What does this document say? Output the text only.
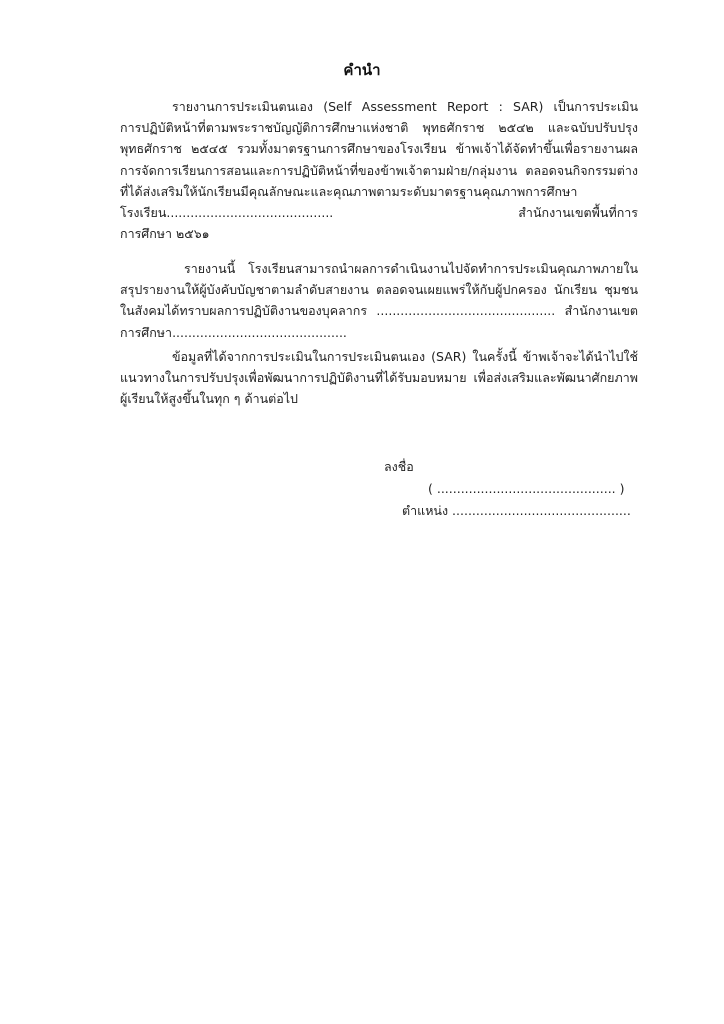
คำนำ
รายงานการประเมินตนเอง (Self Assessment Report : SAR) เป็นการประเมิน
การปฏิบัติหน้าที่ตามพระราชบัญญัติการศึกษาแห่งชาติ พุทธศักราช ๒๕๔๒ และฉบับปรับปรุง
พุทธศักราช ๒๕๔๕ รวมทั้งมาตรฐานการศึกษาของโรงเรียน ข้าพเจ้าได้จัดทำขึ้นเพื่อรายงานผล
การจัดการเรียนการสอนและการปฏิบัติหน้าที่ของข้าพเจ้าตามฝ่าย/กลุ่มงาน ตลอดจนกิจกรรมต่าง
ที่ได้ส่งเสริมให้นักเรียนมีคุณลักษณะและคุณภาพตามระดับมาตรฐานคุณภาพการศึกษา
โรงเรียน.......................................... สำนักงานเขตพื้นที่การ
การศึกษา ๒๕๖๑
รายงานนี้ โรงเรียนสามารถนำผลการดำเนินงานไปจัดทำการประเมินคุณภาพภายใน
สรุปรายงานให้ผู้บังคับบัญชาตามลำดับสายงาน ตลอดจนเผยแพร่ให้กับผู้ปกครอง นักเรียน ชุมชน
ในสังคมได้ทราบผลการปฏิบัติงานของบุคลากร ............................................. สำนักงานเขต
การศึกษา............................................
ข้อมูลที่ได้จากการประเมินในการประเมินตนเอง (SAR) ในครั้งนี้ ข้าพเจ้าจะได้นำไปใช้
แนวทางในการปรับปรุงเพื่อพัฒนาการปฏิบัติงานที่ได้รับมอบหมาย เพื่อส่งเสริมและพัฒนาศักยภาพ
ผู้เรียนให้สูงขึ้นในทุก ๆ ด้านต่อไป
ลงชื่อ
( ............................................. )
ตำแหน่ง .............................................
